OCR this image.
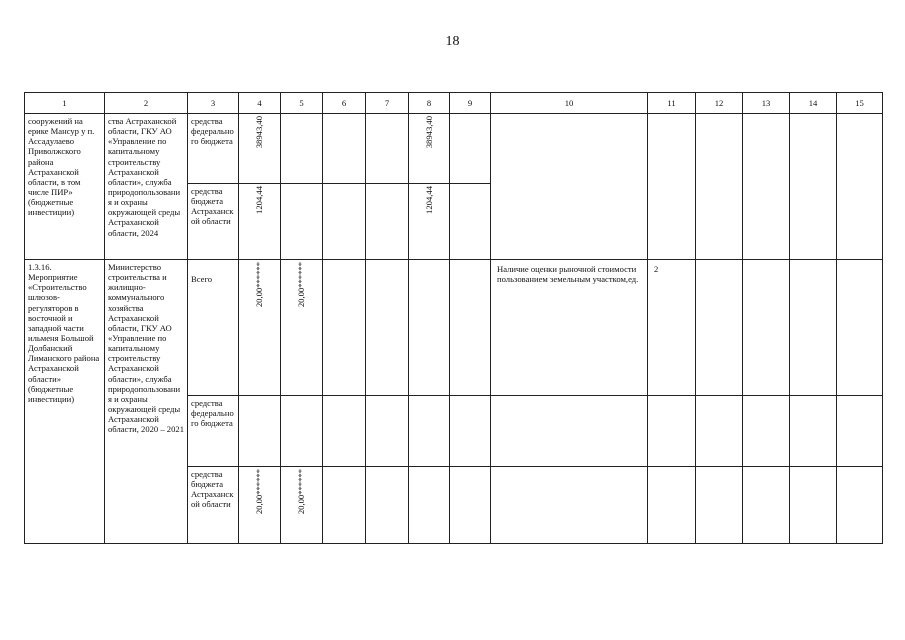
18
1	2	3	4	5	6	7	8	9	10	11	12	13	14	15
сооружений на ерике Мансур у п. Ассадулаево Приволжского района Астраханской области, в том числе ПИР» (бюджетные инвестиции)	ства Астраханской области, ГКУ АО «Управление по капитальному строительству Астраханской области», служба природопользования и охраны окружающей среды Астраханской области, 2024	средства федерального бюджета	38943,40				38943,40							
		средства бюджета Астраханской области	1204,44				1204,44							
1.3.16. Мероприятие «Строительство шлюзов-регуляторов в восточной и западной части ильменя Большой Долбанский Лиманского района Астраханской области» (бюджетные инвестиции)	Министерство строительства и жилищно-коммунального хозяйства Астраханской области, ГКУ АО «Управление по капитальному строительству Астраханской области», служба природопользования и охраны окружающей среды Астраханской области, 2020 – 2021	Всего	20,00******	20,00******					Наличие оценки рыночной стоимости пользованием земельным участком,ед.	2				
		средства федерального бюджета												
		средства бюджета Астраханской области	20,00******	20,00******										
